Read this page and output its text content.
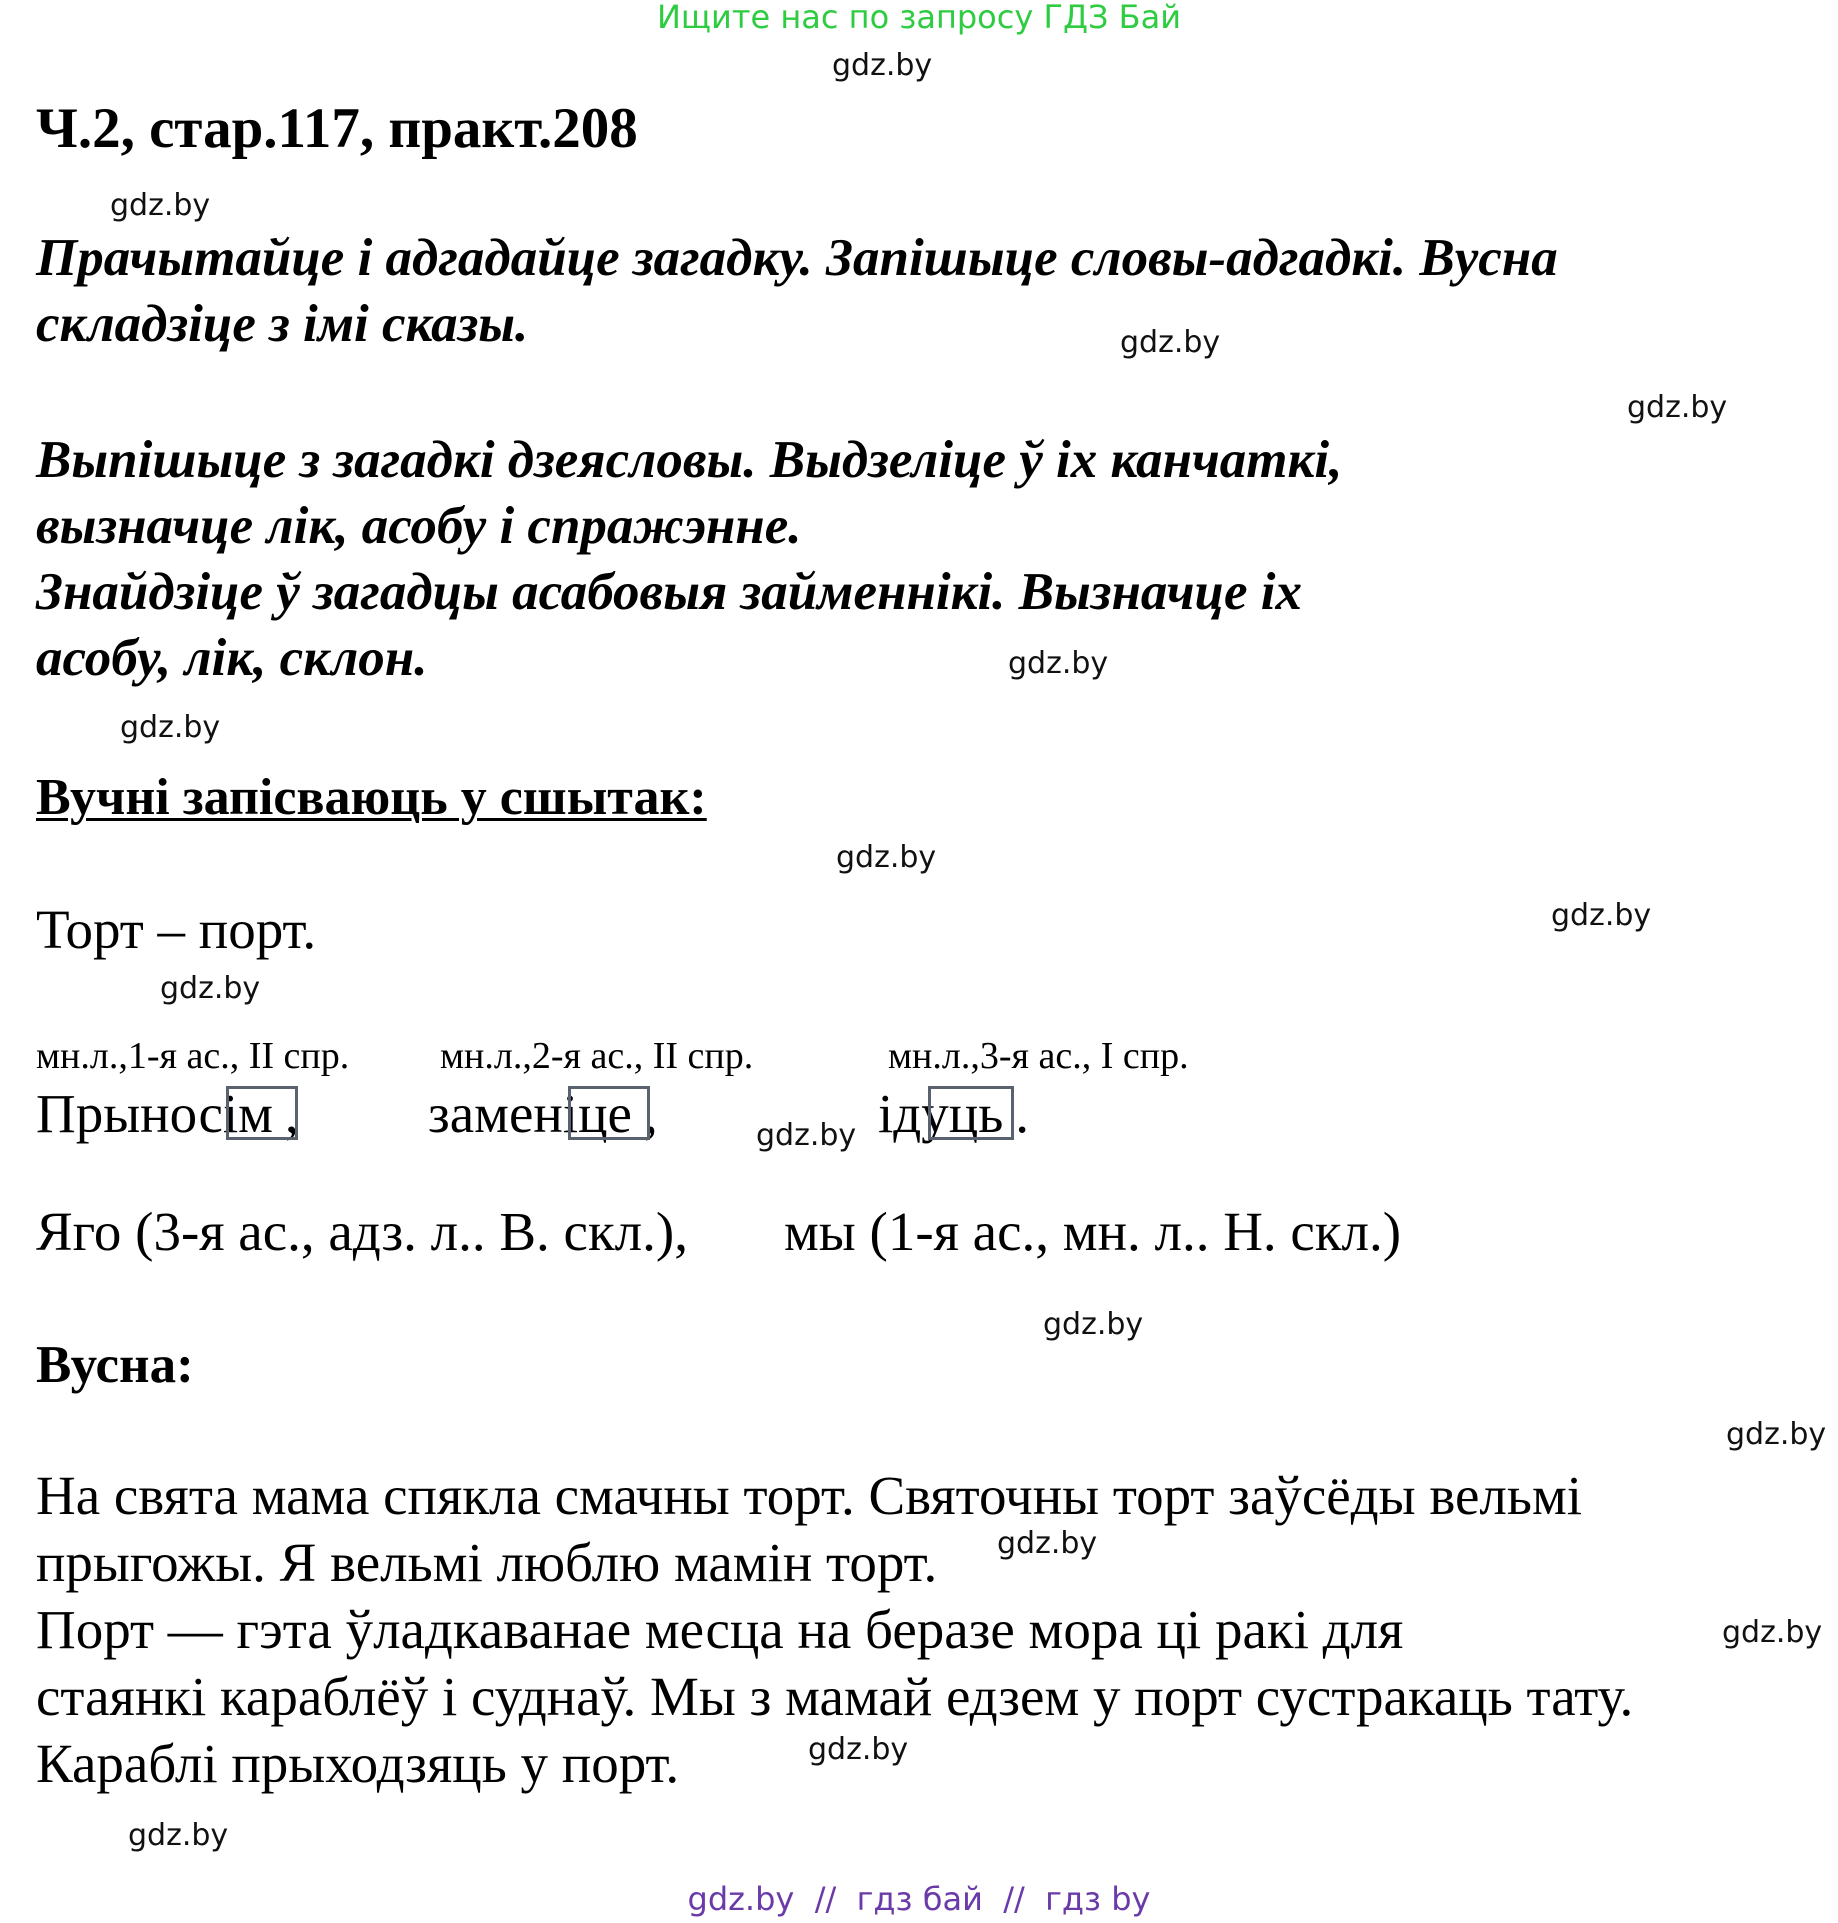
Ищите нас по запросу ГДЗ Бай
gdz.by
gdz.by
gdz.by
gdz.by
gdz.by
gdz.by
gdz.by
gdz.by
gdz.by
gdz.by
gdz.by
gdz.by
gdz.by
gdz.by
gdz.by
gdz.by
Ч.2, стар.117, практ.208
Прачытайце і адгадайце загадку. Запішыце словы-адгадкі. Вусна
складзіце з імі сказы.
Выпішыце з загадкі дзеясловы. Выдзеліце ў іх канчаткі,
вызначце лік, асобу і спражэнне.
Знайдзіце ў загадцы асабовыя займеннікі. Вызначце іх
асобу, лік, склон.
Вучні запісваюць у сшытак:
Торт – порт.
мн.л.,1-я ас., II спр. мн.л.,2-я ас., II спр.	мн.л.,3-я ас., I спр.
Прыносім , заменіце ,	ідуць .
Яго (3-я ас., адз. л.. В. скл.), мы (1-я ас., мн. л.. Н. скл.)
Вусна:
На свята мама спякла смачны торт. Святочны торт заўсёды вельмі
прыгожы. Я вельмі люблю мамін торт.
Порт — гэта ўладкаванае месца на беразе мора ці ракі для
стаянкі караблёў і суднаў. Мы з мамай едзем у порт сустракаць тату.
Караблі прыходзяць у порт.
gdz.by  //  гдз бай  //  гдз by
